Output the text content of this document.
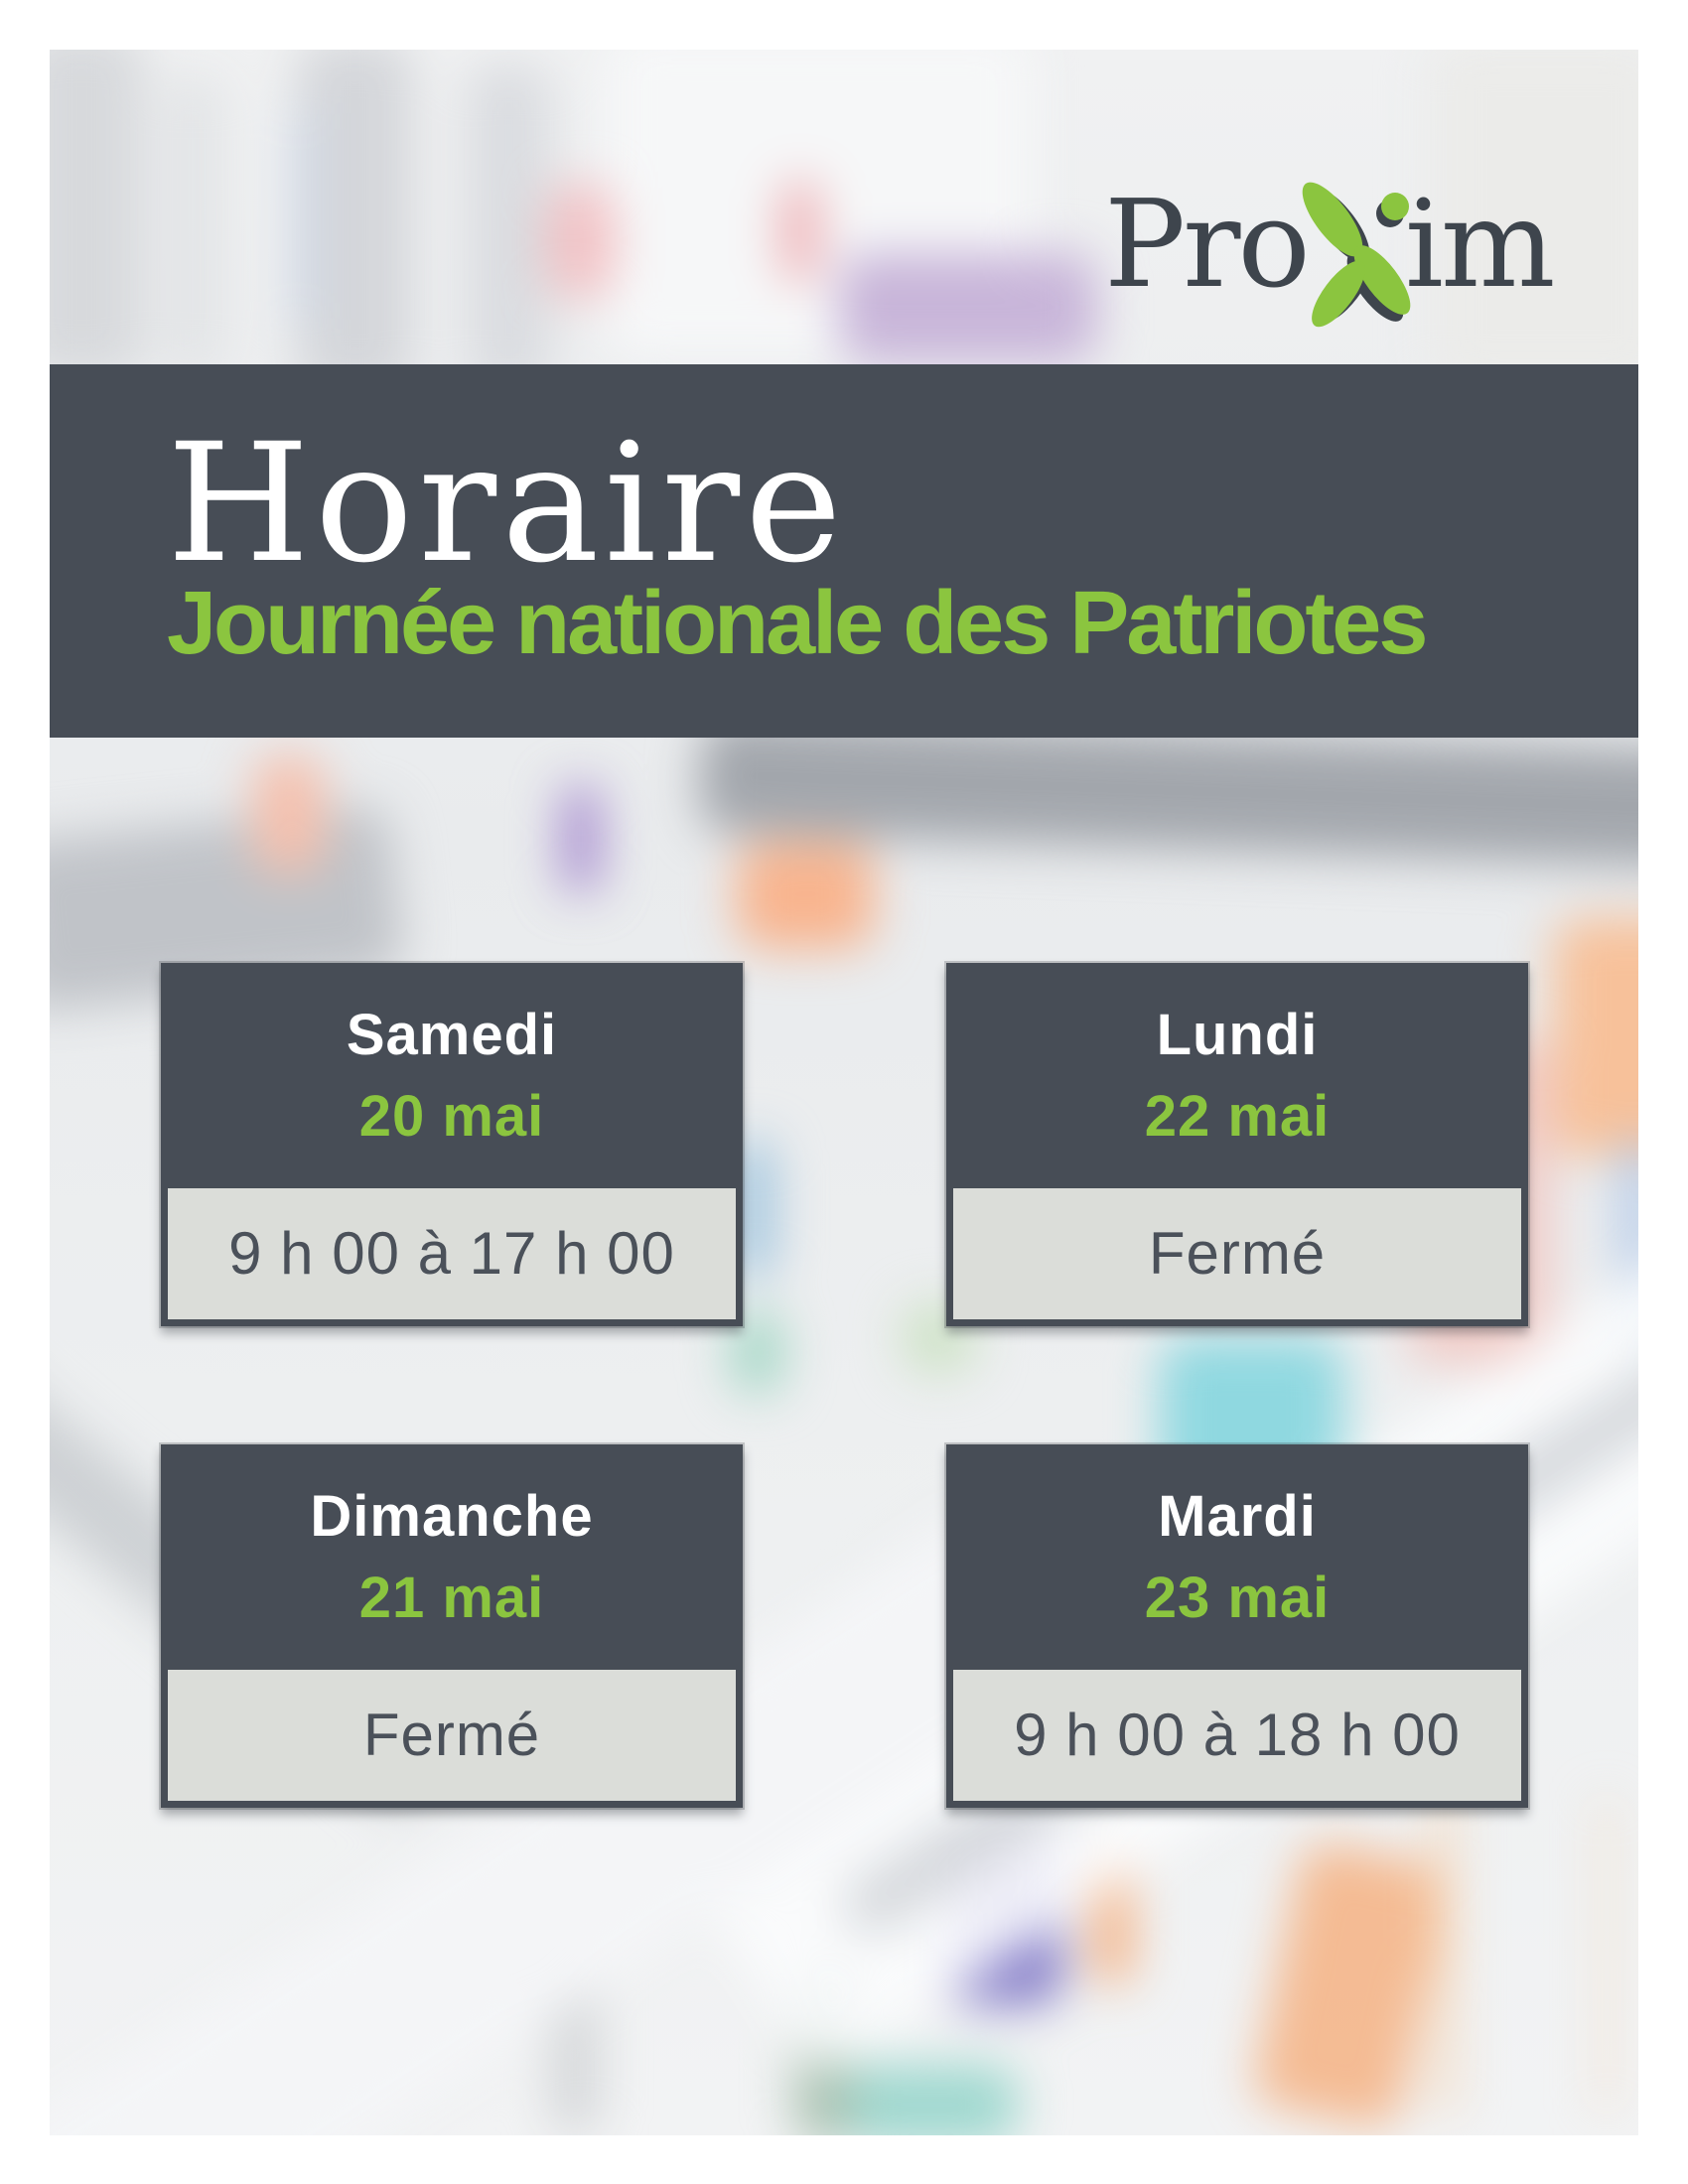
Pro im
Horaire
Journée nationale des Patriotes
Samedi
20 mai
9 h 00 à 17 h 00
Lundi
22 mai
Fermé
Dimanche
21 mai
Fermé
Mardi
23 mai
9 h 00 à 18 h 00
